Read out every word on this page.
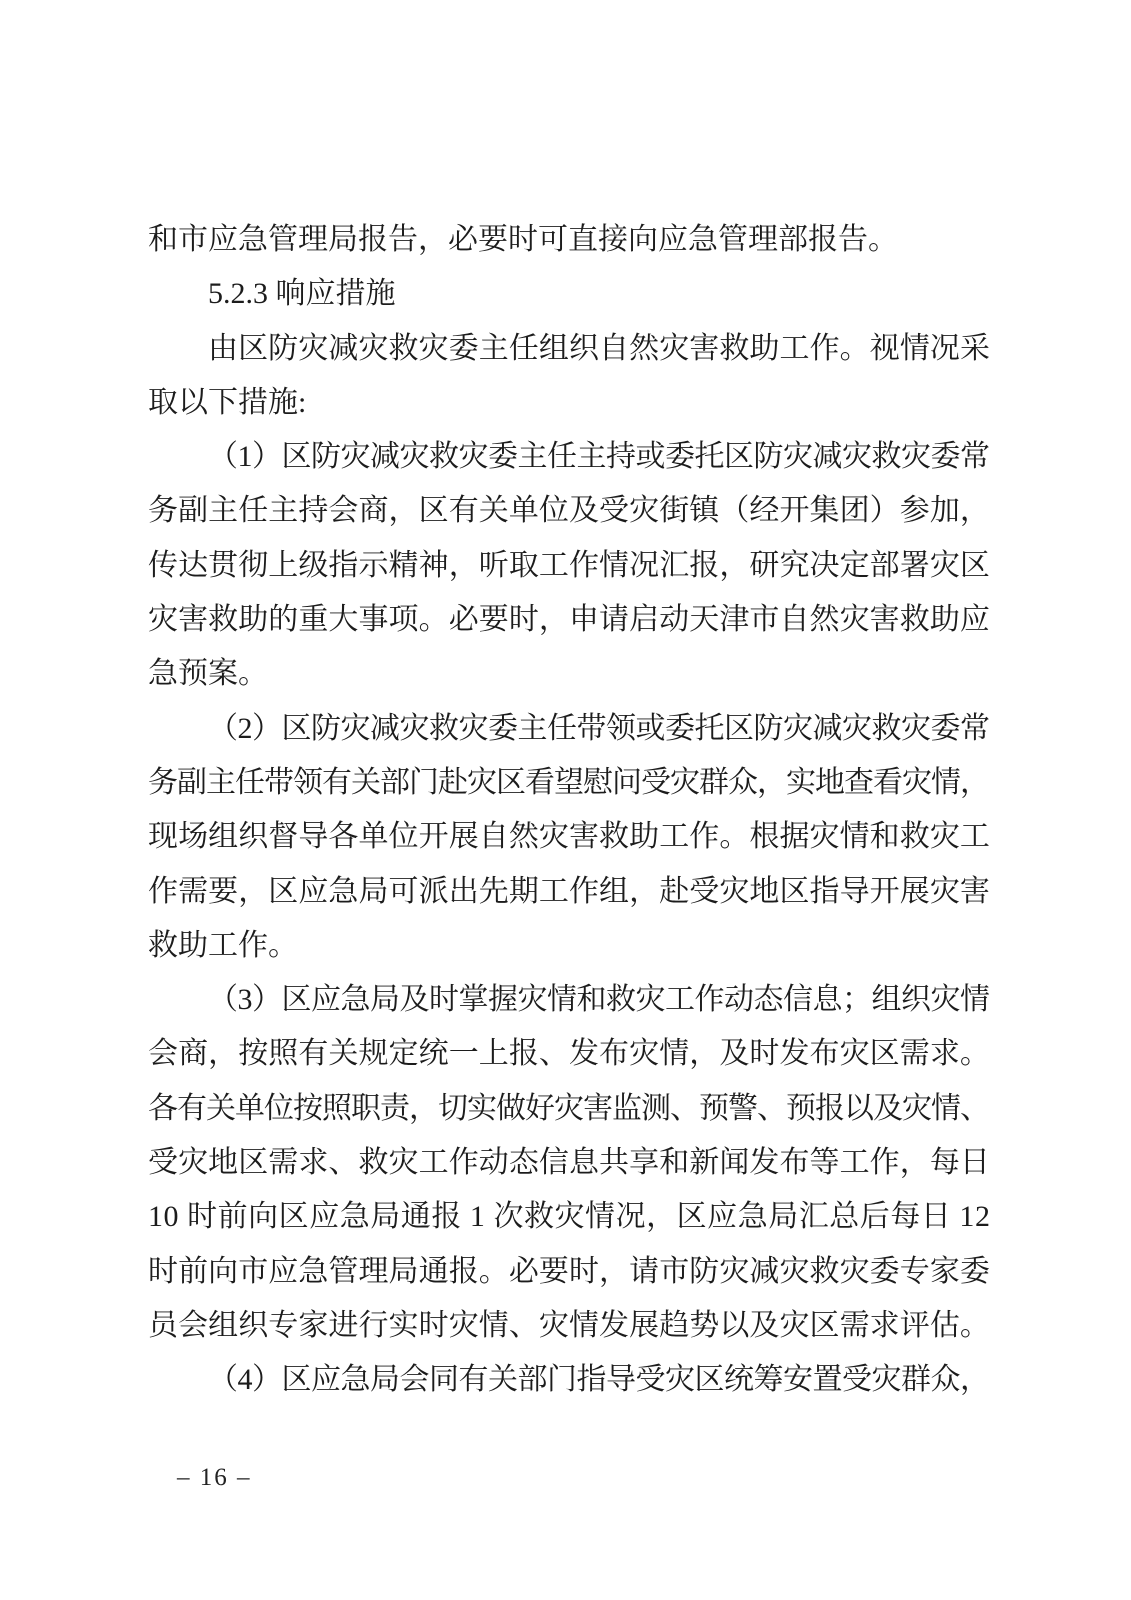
和市应急管理局报告，必要时可直接向应急管理部报告。
5.2.3 响应措施
由区防灾减灾救灾委主任组织自然灾害救助工作。视情况采
取以下措施:
（1）区防灾减灾救灾委主任主持或委托区防灾减灾救灾委常
务副主任主持会商，区有关单位及受灾街镇（经开集团）参加，
传达贯彻上级指示精神，听取工作情况汇报，研究决定部署灾区
灾害救助的重大事项。必要时，申请启动天津市自然灾害救助应
急预案。
（2）区防灾减灾救灾委主任带领或委托区防灾减灾救灾委常
务副主任带领有关部门赴灾区看望慰问受灾群众，实地查看灾情，
现场组织督导各单位开展自然灾害救助工作。根据灾情和救灾工
作需要，区应急局可派出先期工作组，赴受灾地区指导开展灾害
救助工作。
（3）区应急局及时掌握灾情和救灾工作动态信息；组织灾情
会商，按照有关规定统一上报、发布灾情，及时发布灾区需求。
各有关单位按照职责，切实做好灾害监测、预警、预报以及灾情、
受灾地区需求、救灾工作动态信息共享和新闻发布等工作，每日
10 时前向区应急局通报 1 次救灾情况，区应急局汇总后每日 12
时前向市应急管理局通报。必要时，请市防灾减灾救灾委专家委
员会组织专家进行实时灾情、灾情发展趋势以及灾区需求评估。
（4）区应急局会同有关部门指导受灾区统筹安置受灾群众，
– 16 –
